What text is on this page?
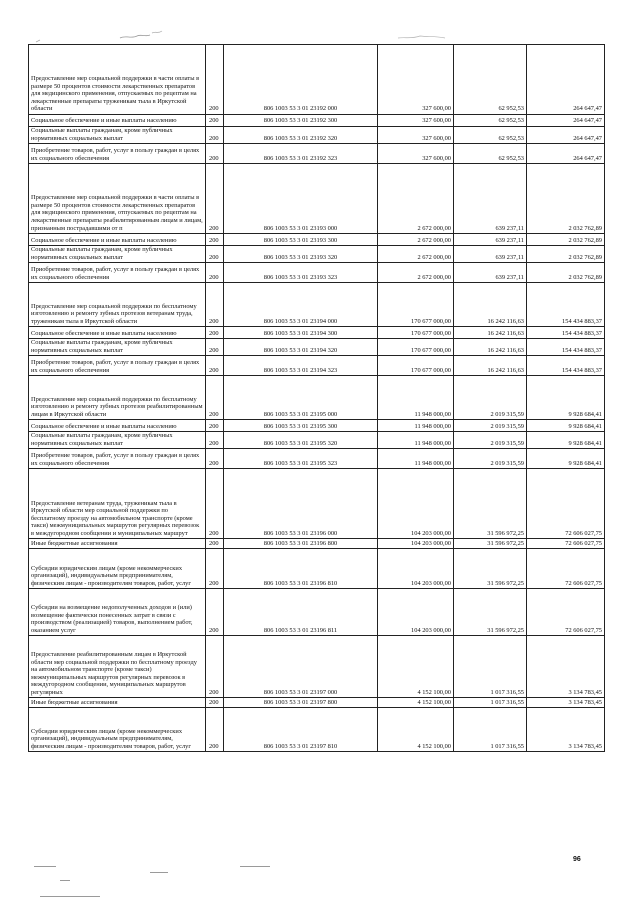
Предоставление мер социальной поддержки в части оплаты в размере 50 процентов стоимости лекарственных препаратов для медицинского применения, отпускаемых по рецептам на лекарственные препараты труженикам тыла в Иркутской области	200	806 1003 53 3 01 23192 000	327 600,00	62 952,53	264 647,47
Социальное обеспечение и иные выплаты населению	200	806 1003 53 3 01 23192 300	327 600,00	62 952,53	264 647,47
Социальные выплаты гражданам, кроме публичных нормативных социальных выплат	200	806 1003 53 3 01 23192 320	327 600,00	62 952,53	264 647,47
Приобретение товаров, работ, услуг в пользу граждан в целях их социального обеспечения	200	806 1003 53 3 01 23192 323	327 600,00	62 952,53	264 647,47
Предоставление мер социальной поддержки в части оплаты в размере 50 процентов стоимости лекарственных препаратов для медицинского применения, отпускаемых по рецептам на лекарственные препараты реабилитированным лицам и лицам, признанным пострадавшими от п	200	806 1003 53 3 01 23193 000	2 672 000,00	639 237,11	2 032 762,89
Социальное обеспечение и иные выплаты населению	200	806 1003 53 3 01 23193 300	2 672 000,00	639 237,11	2 032 762,89
Социальные выплаты гражданам, кроме публичных нормативных социальных выплат	200	806 1003 53 3 01 23193 320	2 672 000,00	639 237,11	2 032 762,89
Приобретение товаров, работ, услуг в пользу граждан в целях их социального обеспечения	200	806 1003 53 3 01 23193 323	2 672 000,00	639 237,11	2 032 762,89
Предоставление мер социальной поддержки по бесплатному изготовлению и ремонту зубных протезов ветеранам труда, труженикам тыла в Иркутской области	200	806 1003 53 3 01 23194 000	170 677 000,00	16 242 116,63	154 434 883,37
Социальное обеспечение и иные выплаты населению	200	806 1003 53 3 01 23194 300	170 677 000,00	16 242 116,63	154 434 883,37
Социальные выплаты гражданам, кроме публичных нормативных социальных выплат	200	806 1003 53 3 01 23194 320	170 677 000,00	16 242 116,63	154 434 883,37
Приобретение товаров, работ, услуг в пользу граждан в целях их социального обеспечения	200	806 1003 53 3 01 23194 323	170 677 000,00	16 242 116,63	154 434 883,37
Предоставление мер социальной поддержки по бесплатному изготовлению и ремонту зубных протезов реабилитированным лицам в Иркутской области	200	806 1003 53 3 01 23195 000	11 948 000,00	2 019 315,59	9 928 684,41
Социальное обеспечение и иные выплаты населению	200	806 1003 53 3 01 23195 300	11 948 000,00	2 019 315,59	9 928 684,41
Социальные выплаты гражданам, кроме публичных нормативных социальных выплат	200	806 1003 53 3 01 23195 320	11 948 000,00	2 019 315,59	9 928 684,41
Приобретение товаров, работ, услуг в пользу граждан в целях их социального обеспечения	200	806 1003 53 3 01 23195 323	11 948 000,00	2 019 315,59	9 928 684,41
Предоставление ветеранам труда, труженикам тыла в Иркутской области мер социальной поддержки по бесплатному проезду на автомобильном транспорте (кроме такси) межмуниципальных маршрутов регулярных перевозок в междугородном сообщении и муниципальных маршрут	200	806 1003 53 3 01 23196 000	104 203 000,00	31 596 972,25	72 606 027,75
Иные бюджетные ассигнования	200	806 1003 53 3 01 23196 800	104 203 000,00	31 596 972,25	72 606 027,75
Субсидии юридическим лицам (кроме некоммерческих организаций), индивидуальным предпринимателям, физическим лицам - производителям товаров, работ, услуг	200	806 1003 53 3 01 23196 810	104 203 000,00	31 596 972,25	72 606 027,75
Субсидии на возмещение недополученных доходов и (или) возмещение фактически понесенных затрат в связи с производством (реализацией) товаров, выполнением работ, оказанием услуг	200	806 1003 53 3 01 23196 811	104 203 000,00	31 596 972,25	72 606 027,75
Предоставление реабилитированным лицам в Иркутской области мер социальной поддержки по бесплатному проезду на автомобильном транспорте (кроме такси) межмуниципальных маршрутов регулярных перевозок в междугородном сообщении, муниципальных маршрутов регулярных	200	806 1003 53 3 01 23197 000	4 152 100,00	1 017 316,55	3 134 783,45
Иные бюджетные ассигнования	200	806 1003 53 3 01 23197 800	4 152 100,00	1 017 316,55	3 134 783,45
Субсидии юридическим лицам (кроме некоммерческих организаций), индивидуальным предпринимателям, физическим лицам - производителям товаров, работ, услуг	200	806 1003 53 3 01 23197 810	4 152 100,00	1 017 316,55	3 134 783,45
96
